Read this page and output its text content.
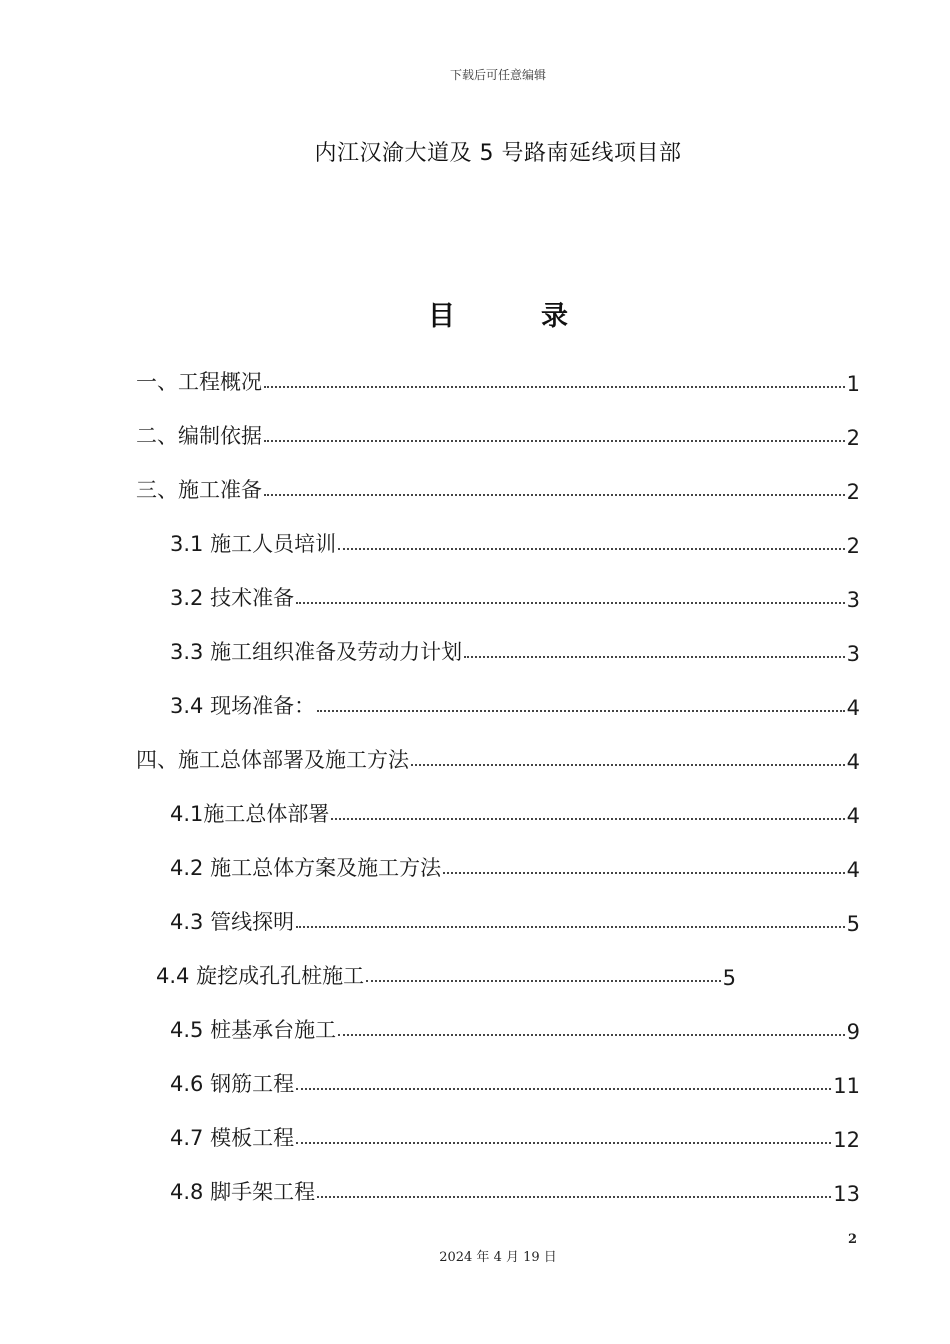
下载后可任意编辑
内江汉渝大道及 5 号路南延线项目部
目	录
一、工程概况	1
二、编制依据	2
三、施工准备	2
3.1 施工人员培训	2
3.2 技术准备	3
3.3 施工组织准备及劳动力计划	3
3.4 现场准备：	4
四、施工总体部署及施工方法	4
4.1施工总体部署	4
4.2 施工总体方案及施工方法	4
4.3 管线探明	5
4.4 旋挖成孔孔桩施工	5
4.5 桩基承台施工	9
4.6 钢筋工程	11
4.7 模板工程	12
4.8 脚手架工程	13
2
2024 年 4 月 19 日
